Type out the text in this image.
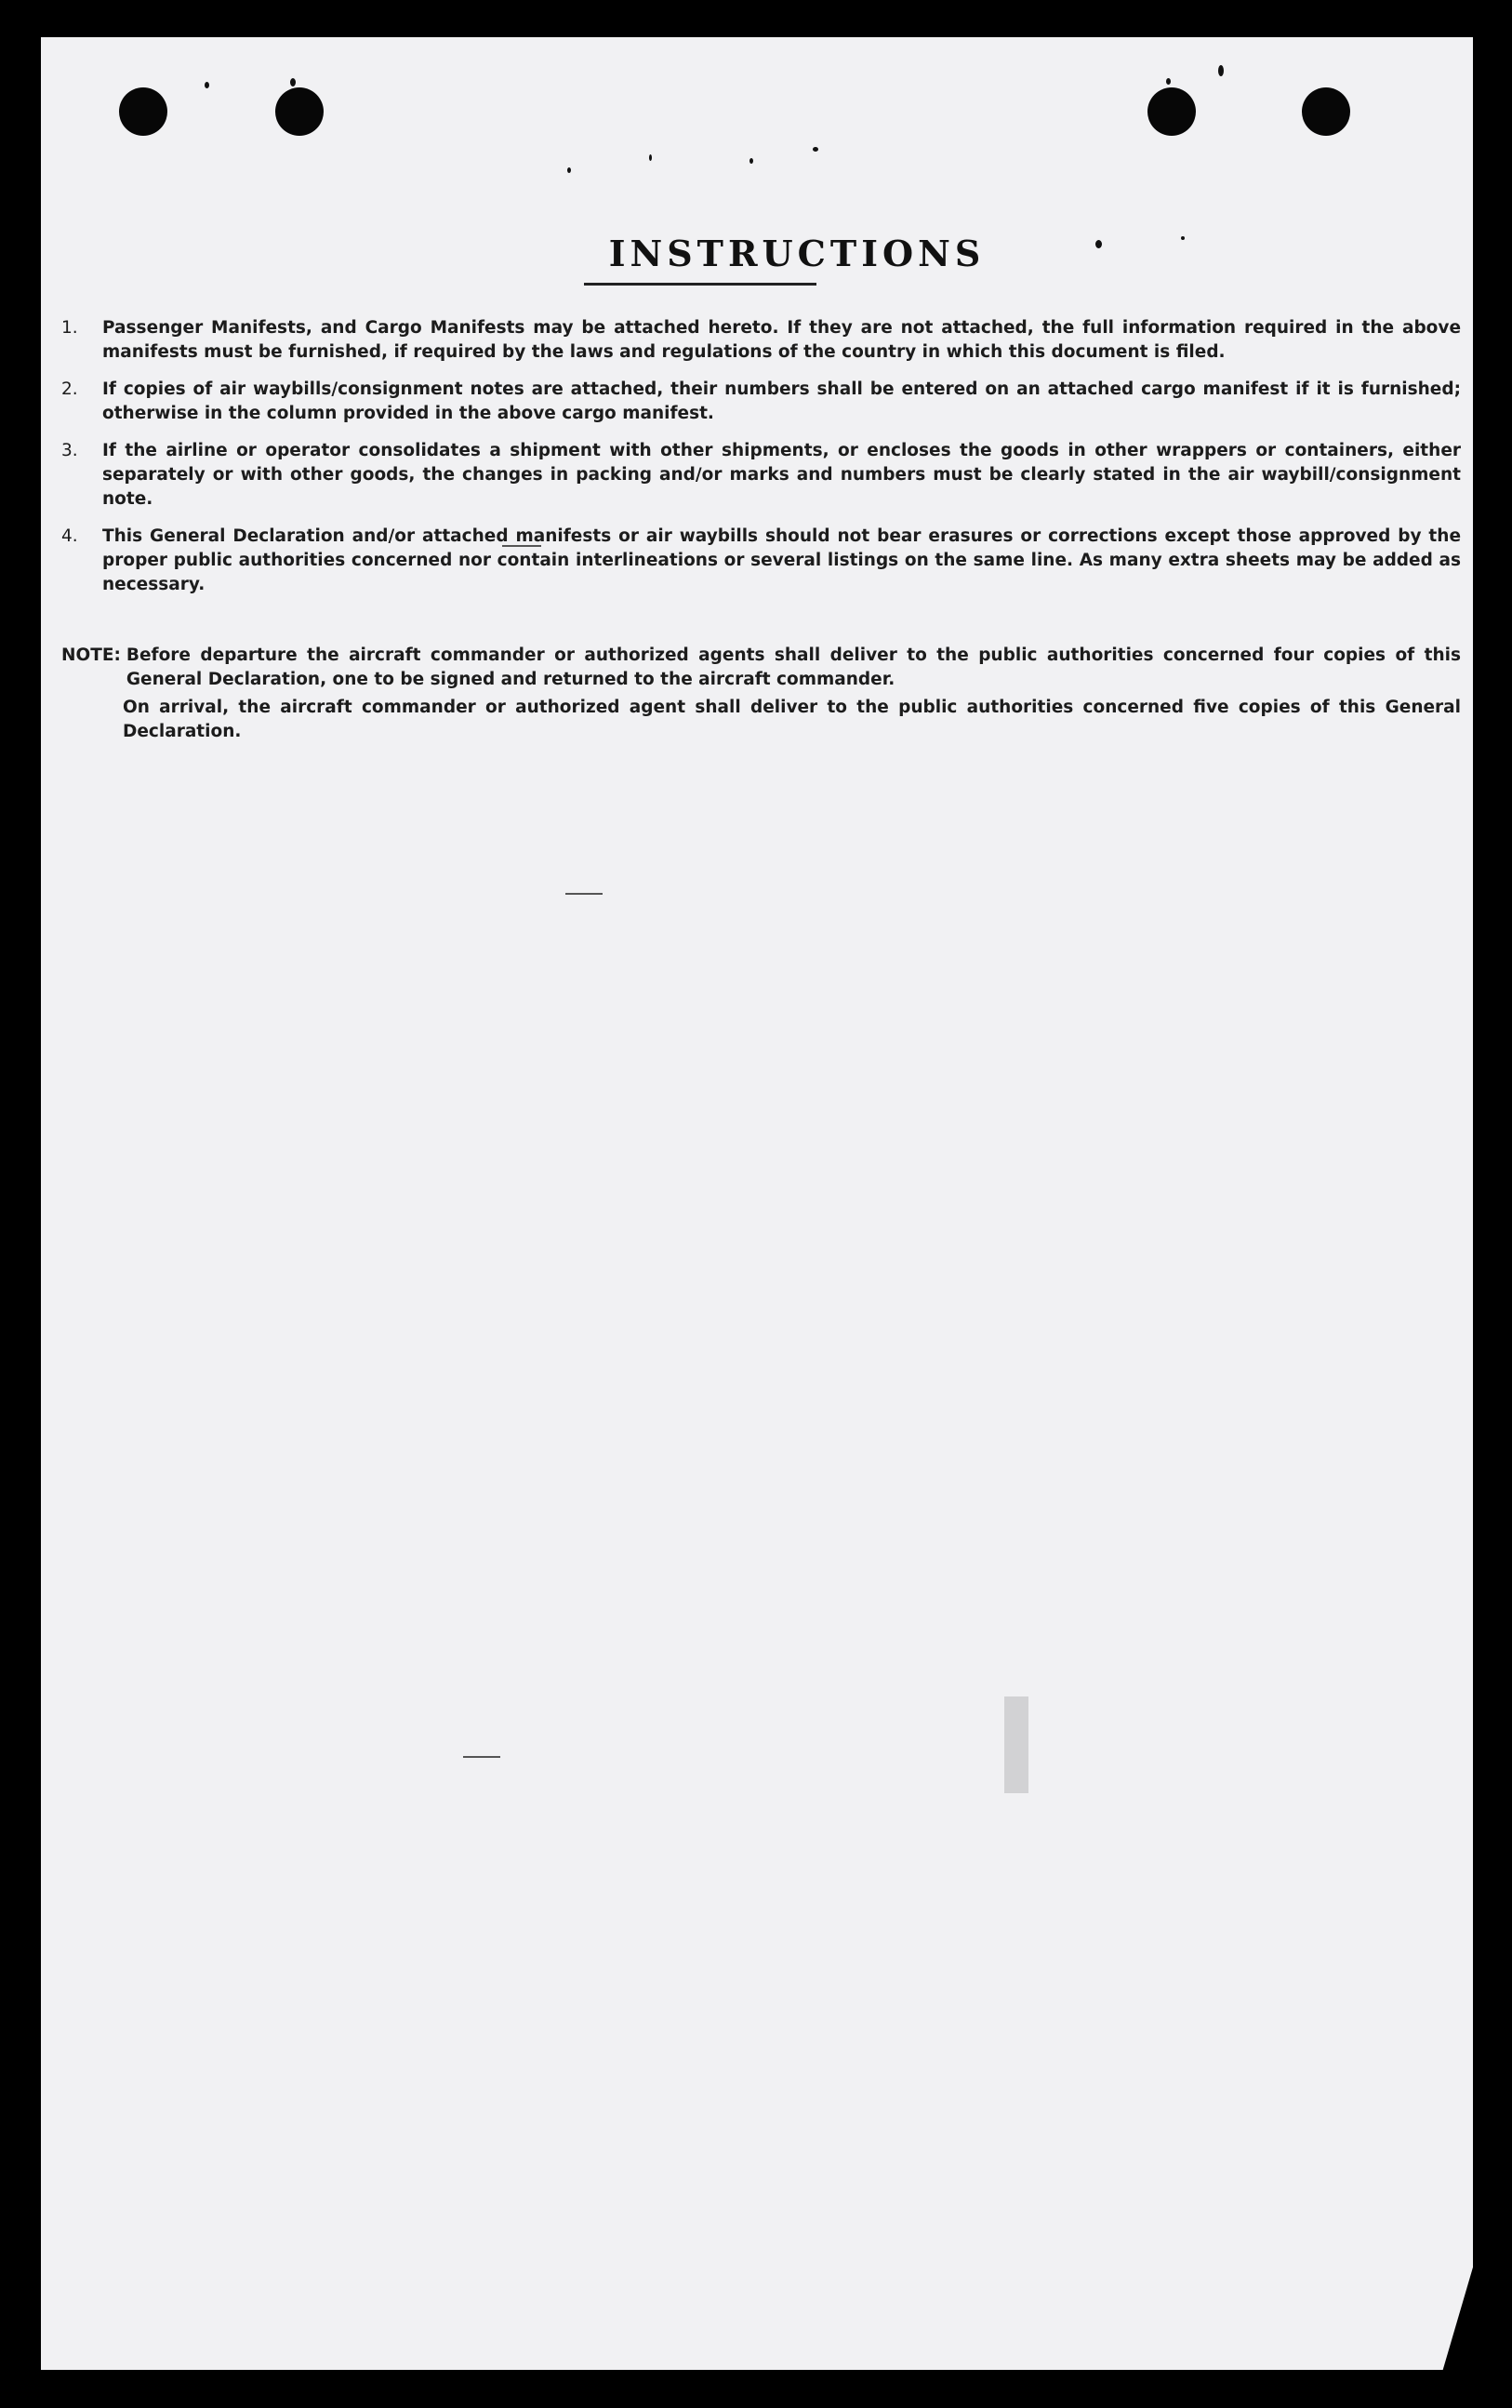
INSTRUCTIONS
1.	Passenger Manifests, and Cargo Manifests may be attached hereto. If they are not attached, the full information required in the above manifests must be furnished, if required by the laws and regulations of the country in which this document is filed.
2.	If copies of air waybills/consignment notes are attached, their numbers shall be entered on an attached cargo manifest if it is furnished; otherwise in the column provided in the above cargo manifest.
3.	If the airline or operator consolidates a shipment with other shipments, or encloses the goods in other wrappers or containers, either separately or with other goods, the changes in packing and/or marks and numbers must be clearly stated in the air waybill/consignment note.
4.	This General Declaration and/or attached manifests or air waybills should not bear erasures or corrections except those approved by the proper public authorities concerned nor contain interlineations or several listings on the same line. As many extra sheets may be added as necessary.
NOTE: Before departure the aircraft commander or authorized agents shall deliver to the public authorities concerned four copies of this General Declaration, one to be signed and returned to the aircraft commander.
On arrival, the aircraft commander or authorized agent shall deliver to the public authorities concerned five copies of this General Declaration.
